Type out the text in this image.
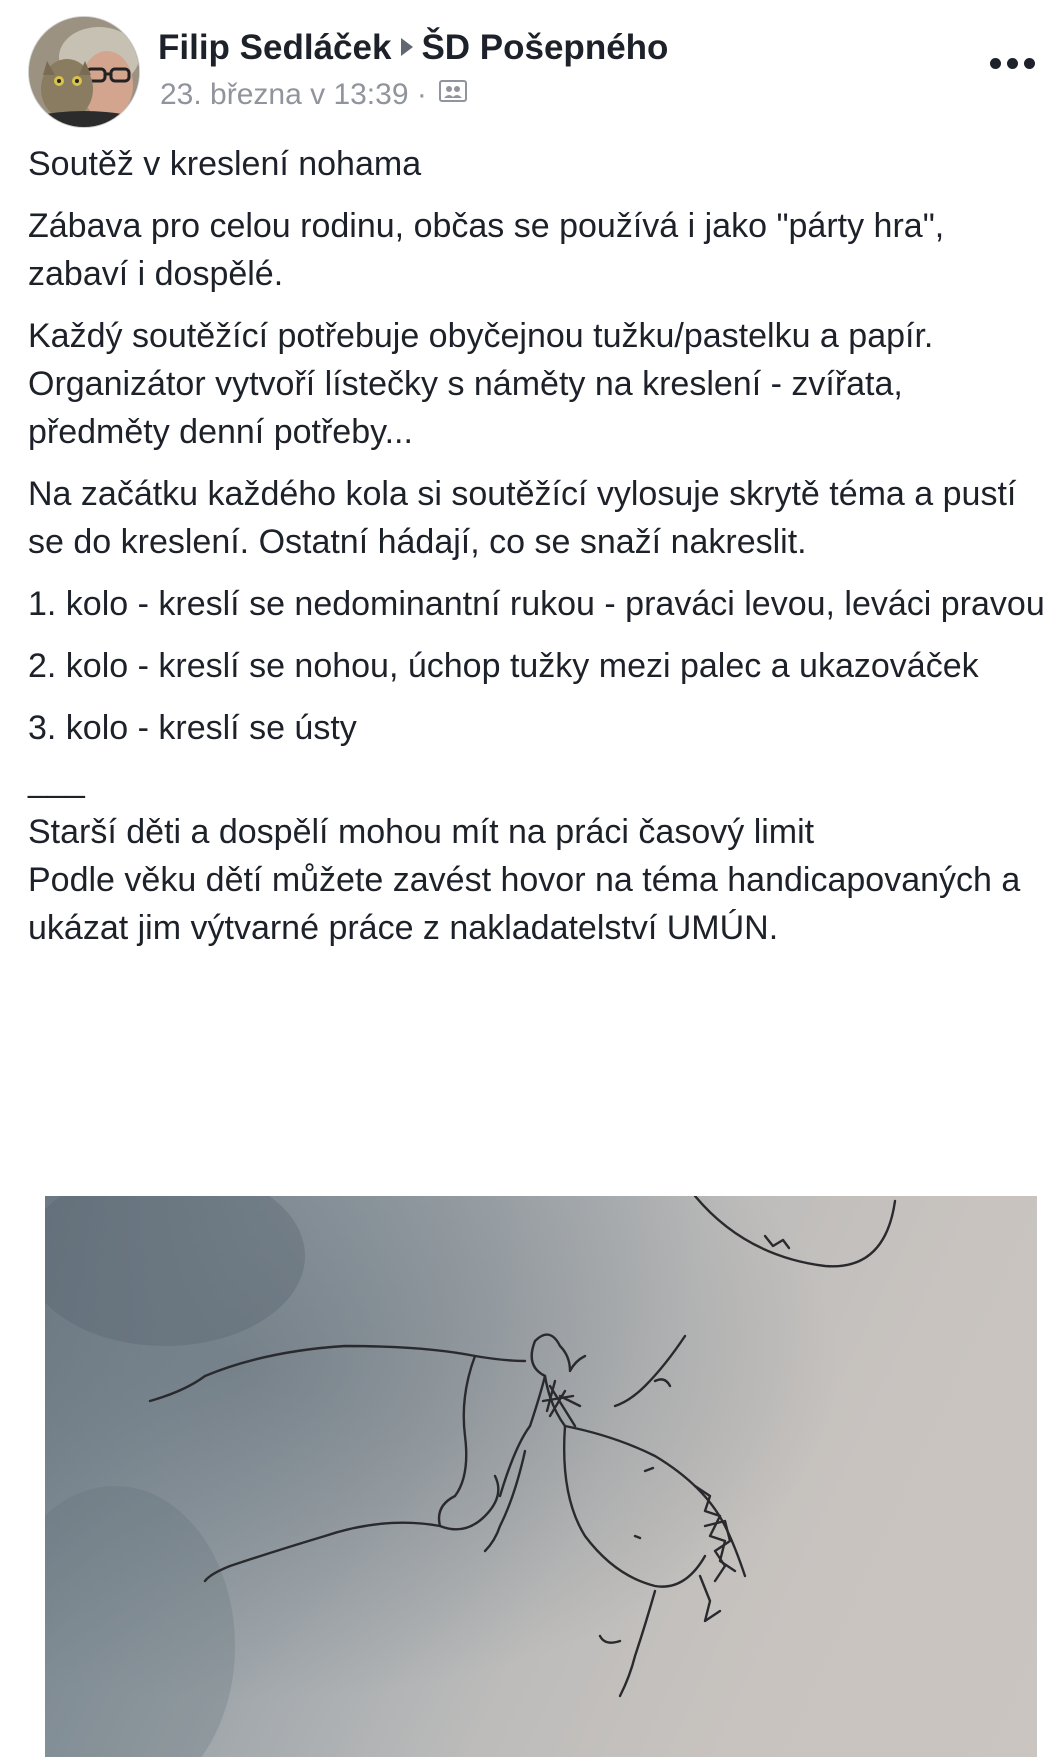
Filip Sedláček ŠD Pošepného
23. března v 13:39 ·

Soutěž v kreslení nohama

Zábava pro celou rodinu, občas se používá i jako "párty hra", zabaví i dospělé.

Každý soutěžící potřebuje obyčejnou tužku/pastelku a papír. Organizátor vytvoří lístečky s náměty na kreslení - zvířata, předměty denní potřeby...

Na začátku každého kola si soutěžící vylosuje skrytě téma a pustí se do kreslení. Ostatní hádají, co se snaží nakreslit.

1. kolo - kreslí se nedominantní rukou - praváci levou, leváci pravou

2. kolo - kreslí se nohou, úchop tužky mezi palec a ukazováček

3. kolo - kreslí se ústy

___

Starší děti a dospělí mohou mít na práci časový limit
Podle věku dětí můžete zavést hovor na téma handicapovaných a ukázat jim výtvarné práce z nakladatelství UMÚN.
